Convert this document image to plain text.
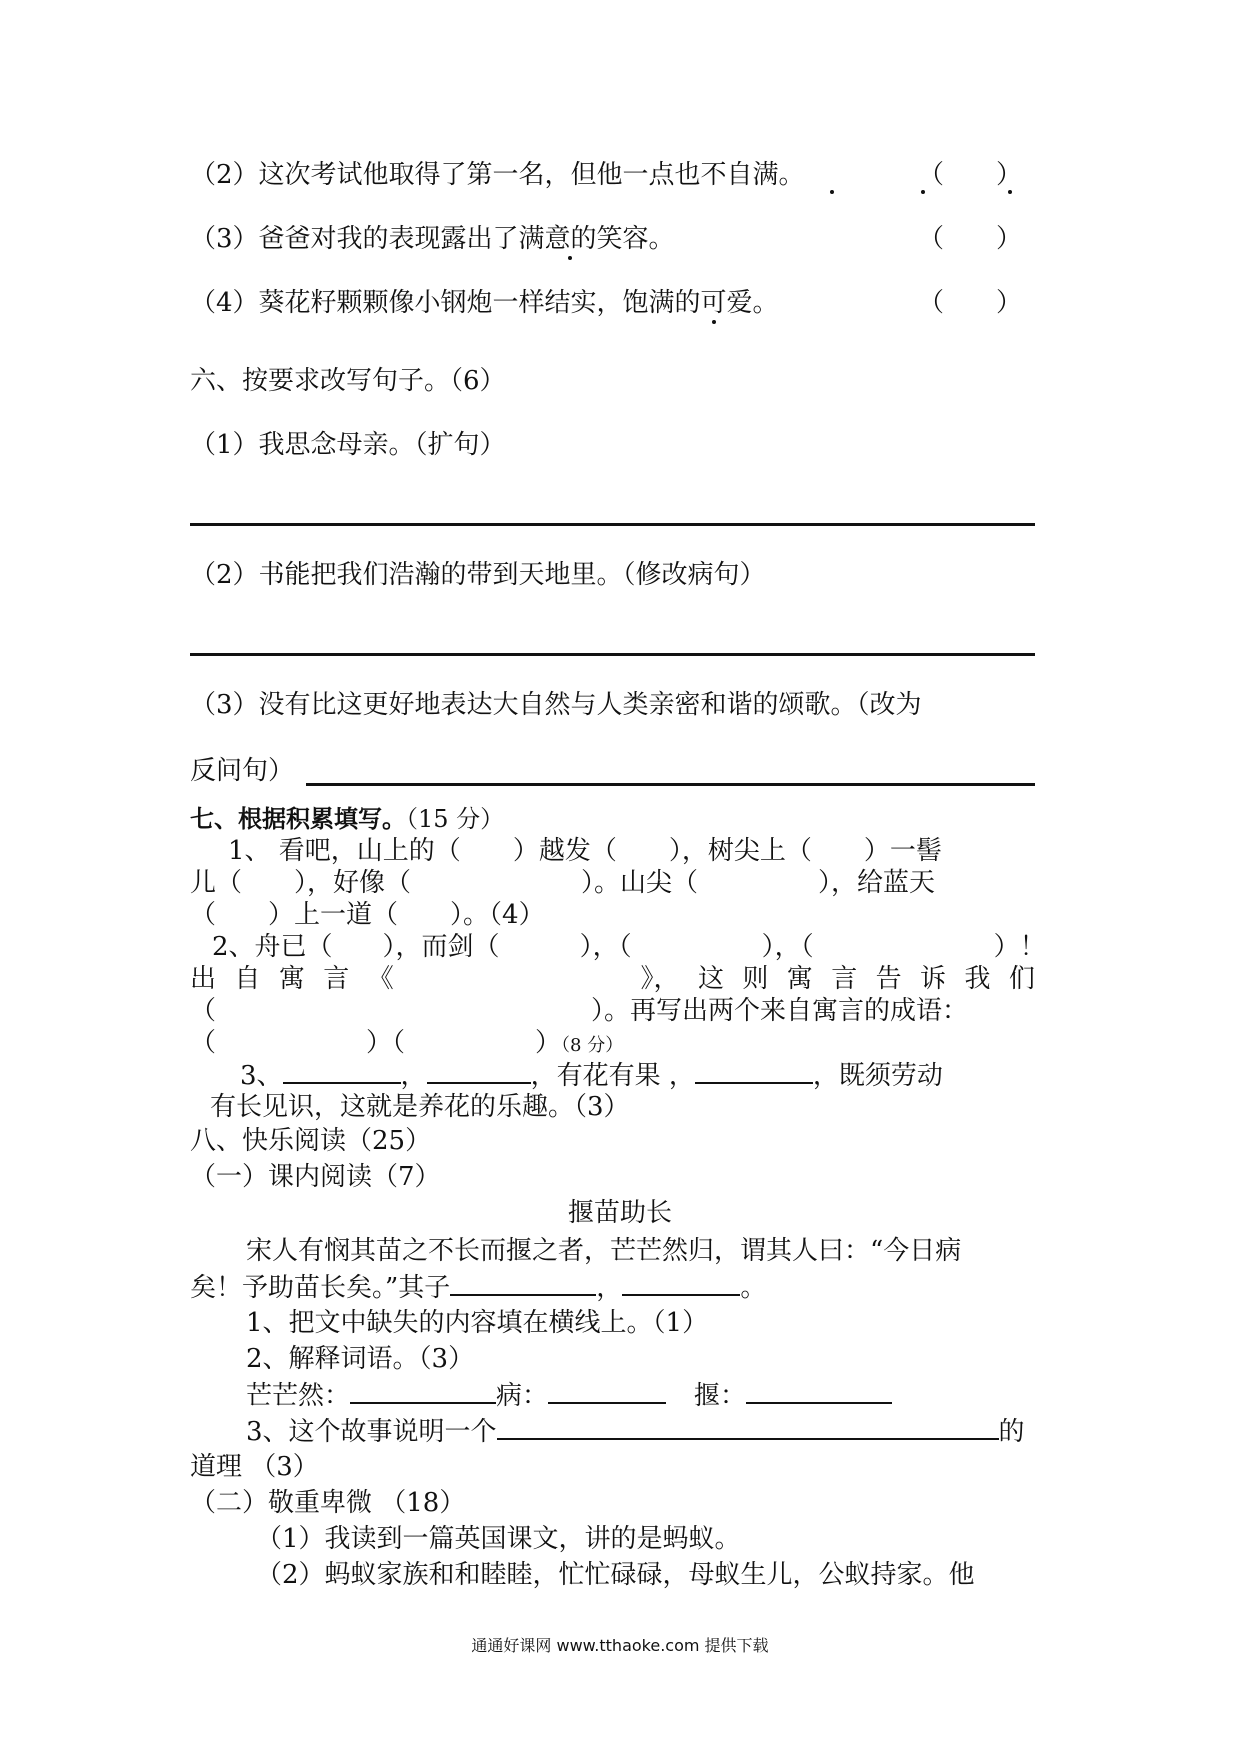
（2）这次考试他取得了第一名，但他一点也不自满。	（　　）
（3）爸爸对我的表现露出了满意的笑容。	（　　）
（4）葵花籽颗颗像小钢炮一样结实，饱满的可爱。	（　　）
六、按要求改写句子。（6）
（1）我思念母亲。（扩句）
（2）书能把我们浩瀚的带到天地里。（修改病句）
（3）没有比这更好地表达大自然与人类亲密和谐的颂歌。（改为
反问句）
七、根据积累填写。（15 分）
1、 看吧，山上的（ ）越发（ ），树尖上（ ）一髻
儿（ ），好像（	）。山尖（	），给蓝天
（ ）上一道（ ）。（4）
2、舟已（ ），而剑（	），（	），（	）！
出 自 寓 言 《	》， 这 则 寓 言 告 诉 我 们
（	）。再写出两个来自寓言的成语：
（	）（	）（8 分）
3、	，	，有花有果 ，	，既须劳动
有长见识，这就是养花的乐趣。（3）
八、快乐阅读（25）
（一）课内阅读（7）
揠苗助长
宋人有悯其苗之不长而揠之者，芒芒然归，谓其人曰：“今日病
矣！予助苗长矣。”其子	，	。
1、把文中缺失的内容填在横线上。（1）
2、解释词语。（3）
芒芒然：	病：	揠：
3、这个故事说明一个	的
道理 （3）
（二）敬重卑微 （18）
（1）我读到一篇英国课文，讲的是蚂蚁。
（2）蚂蚁家族和和睦睦，忙忙碌碌，母蚁生儿，公蚁持家。他
通通好课网 www.tthaoke.com 提供下载
